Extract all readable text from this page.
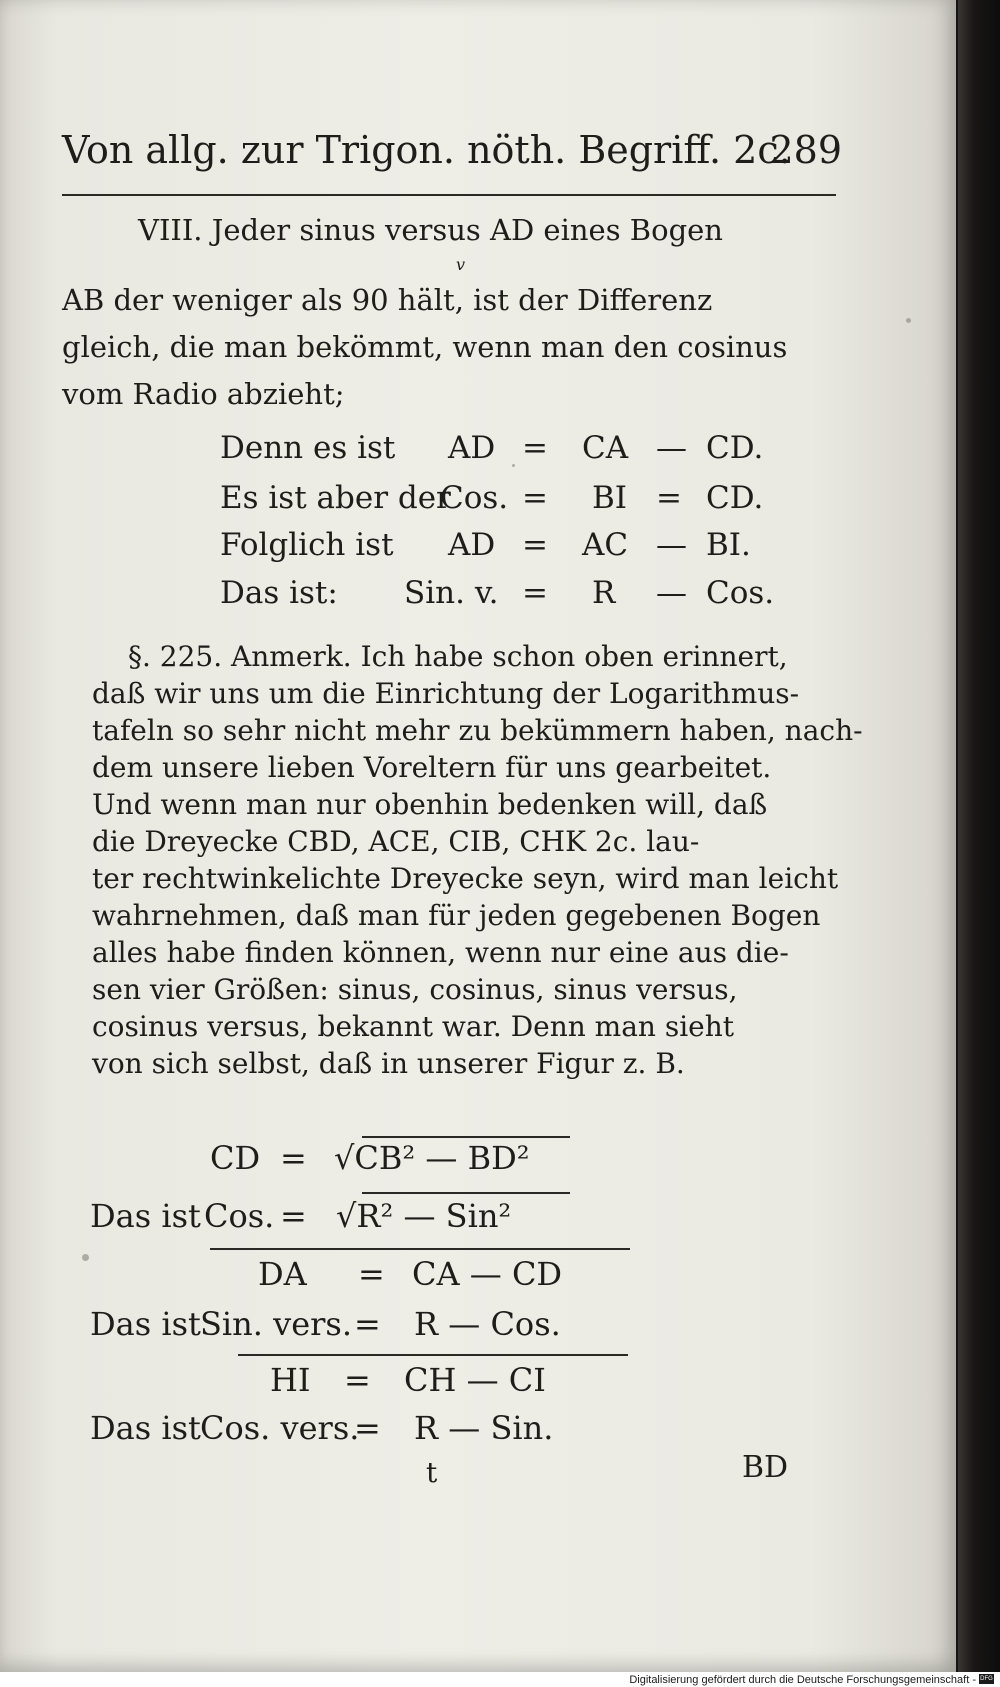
Von allg. zur Trigon. nöth. Begriff. 2c.
289
VIII. Jeder sinus versus AD eines Bogen
v
AB der weniger als 90 hält, ist der Differenz
gleich, die man bekömmt, wenn man den cosinus
vom Radio abzieht;
Denn es ist AD = CA — CD.
Es ist aber der
Cos. = BI = CD.
Folglich ist AD = AC — BI.
Das ist: Sin. v. = R — Cos.
§. 225. Anmerk. Ich habe schon oben erinnert,
daß wir uns um die Einrichtung der Logarithmus-
tafeln so sehr nicht mehr zu bekümmern haben, nach-
dem unsere lieben Voreltern für uns gearbeitet.
Und wenn man nur obenhin bedenken will, daß
die Dreyecke CBD, ACE, CIB, CHK 2c. lau-
ter rechtwinkelichte Dreyecke seyn, wird man leicht
wahrnehmen, daß man für jeden gegebenen Bogen
alles habe finden können, wenn nur eine aus die-
sen vier Größen: sinus, cosinus, sinus versus,
cosinus versus, bekannt war. Denn man sieht
von sich selbst, daß in unserer Figur z. B.
CD = √CB² — BD²
Das ist Cos. = √R² — Sin²
DA = CA — CD
Das ist Sin. vers. = R — Cos.
HI = CH — CI
Das ist Cos. vers.
= R — Sin.
t	BD
Digitalisierung gefördert durch die Deutsche Forschungsgemeinschaft - DFG
